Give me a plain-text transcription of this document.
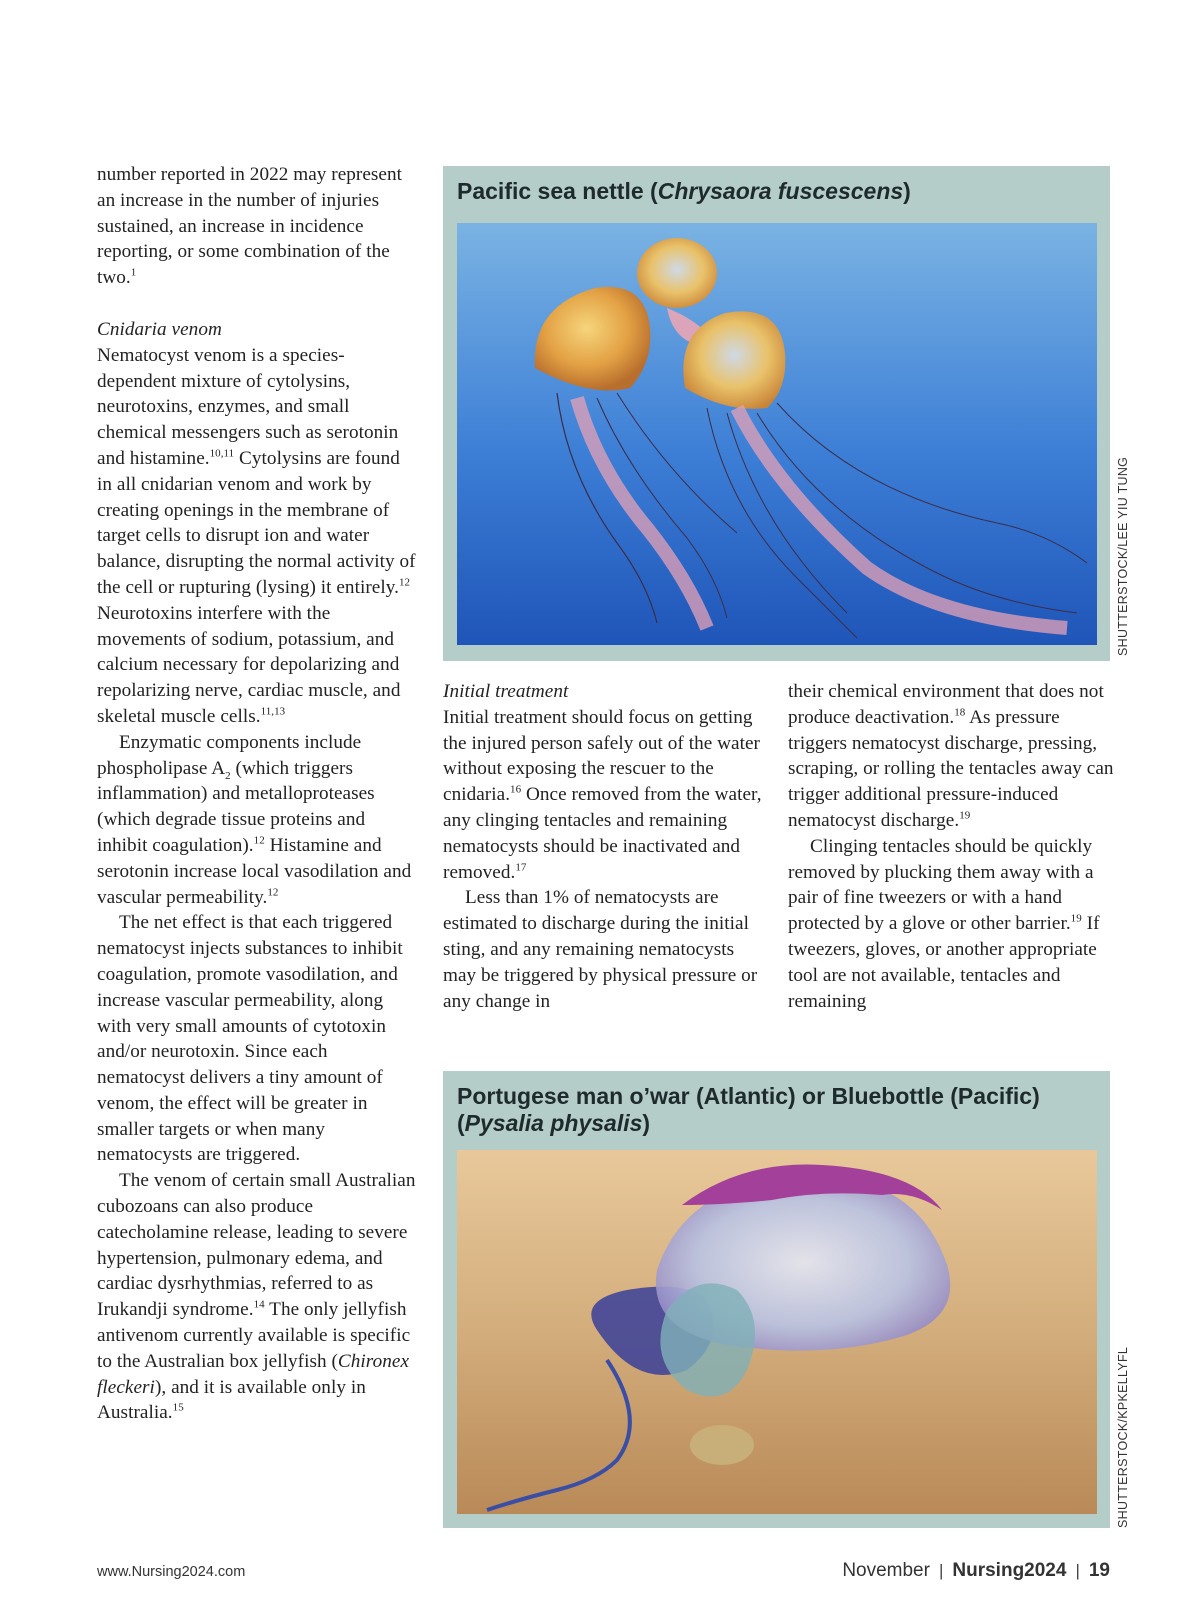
number reported in 2022 may represent an increase in the number of injuries sustained, an increase in incidence reporting, or some combination of the two.$^1$

Cnidaria venom

Nematocyst venom is a species-dependent mixture of cytolysins, neurotoxins, enzymes, and small chemical messengers such as serotonin and histamine.$^{10,11}$ Cytolysins are found in all cnidarian venom and work by creating openings in the membrane of target cells to disrupt ion and water balance, disrupting the normal activity of the cell or rupturing (lysing) it entirely.$^{12}$ Neurotoxins interfere with the movements of sodium, potassium, and calcium necessary for depolarizing and repolarizing nerve, cardiac muscle, and skeletal muscle cells.$^{11,13}$

Enzymatic components include phospholipase $A_2$ (which triggers inflammation) and metalloproteases (which degrade tissue proteins and inhibit coagulation).$^{12}$ Histamine and serotonin increase local vasodilation and vascular permeability.$^{12}$

The net effect is that each triggered nematocyst injects substances to inhibit coagulation, promote vasodilation, and increase vascular permeability, along with very small amounts of cytotoxin and/or neurotoxin. Since each nematocyst delivers a tiny amount of venom, the effect will be greater in smaller targets or when many nematocysts are triggered.

The venom of certain small Australian cubozoans can also produce catecholamine release, leading to severe hypertension, pulmonary edema, and cardiac dysrhythmias, referred to as Irukandji syndrome.$^{14}$ The only jellyfish antivenom currently available is specific to the Australian box jellyfish (Chironex fleckeri), and it is available only in Australia.$^{15}$

Pacific sea nettle (Chrysaora fuscescens)
SHUTTERSTOCK/LEE YIU TUNG

Initial treatment

Initial treatment should focus on getting the injured person safely out of the water without exposing the rescuer to the cnidaria.$^{16}$ Once removed from the water, any clinging tentacles and remaining nematocysts should be inactivated and removed.$^{17}$

Less than 1% of nematocysts are estimated to discharge during the initial sting, and any remaining nematocysts may be triggered by physical pressure or any change in

their chemical environment that does not produce deactivation.$^{18}$ As pressure triggers nematocyst discharge, pressing, scraping, or rolling the tentacles away can trigger additional pressure-induced nematocyst discharge.$^{19}$

Clinging tentacles should be quickly removed by plucking them away with a pair of fine tweezers or with a hand protected by a glove or other barrier.$^{19}$ If tweezers, gloves, or another appropriate tool are not available, tentacles and remaining

Portugese man o’war (Atlantic) or Bluebottle (Pacific) (Pysalia physalis)
SHUTTERSTOCK/KPKELLYFL
www.Nursing2024.com	November | Nursing2024 | 19
